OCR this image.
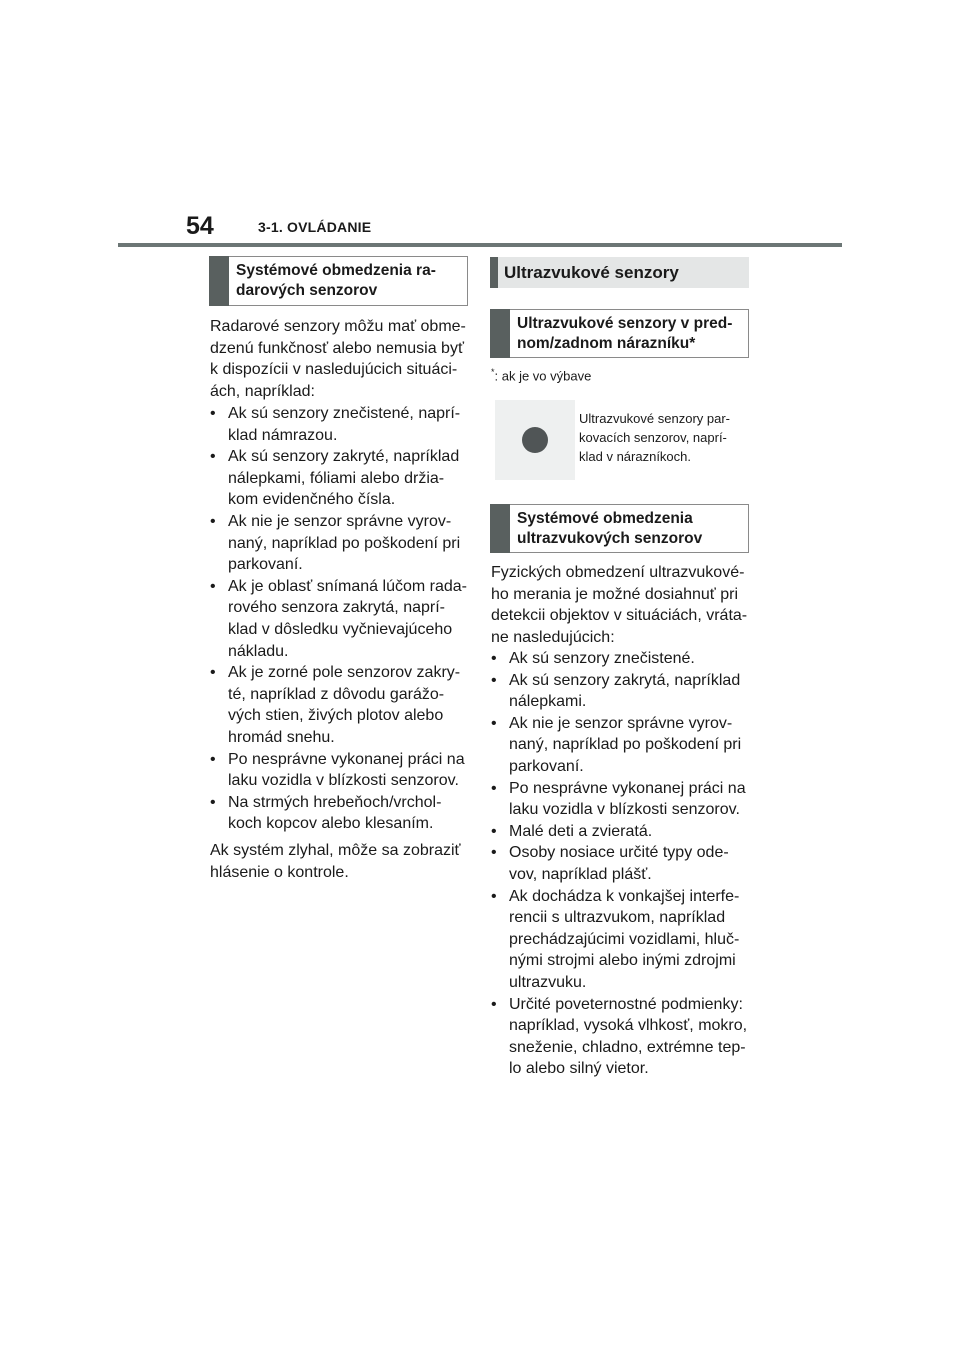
54	3-1. OVLÁDANIE
Systémové obmedzenia ra-
darových senzorov

Radarové senzory môžu mať obme-
dzenú funkčnosť alebo nemusia byť
k dispozícii v nasledujúcich situáci-
ách, napríklad:

• Ak sú senzory znečistené, naprí-
klad námrazou.
• Ak sú senzory zakryté, napríklad
nálepkami, fóliami alebo držia-
kom evidenčného čísla.
• Ak nie je senzor správne vyrov-
naný, napríklad po poškodení pri
parkovaní.
• Ak je oblasť snímaná lúčom rada-
rového senzora zakrytá, naprí-
klad v dôsledku vyčnievajúceho
nákladu.
• Ak je zorné pole senzorov zakry-
té, napríklad z dôvodu garážo-
vých stien, živých plotov alebo
hromád snehu.
• Po nesprávne vykonanej práci na
laku vozidla v blízkosti senzorov.
• Na strmých hrebeňoch/vrchol-
koch kopcov alebo klesaním.

Ak systém zlyhal, môže sa zobraziť
hlásenie o kontrole.

Ultrazvukové senzory
Ultrazvukové senzory v pred-
nom/zadnom nárazníku*
*: ak je vo výbave
Ultrazvukové senzory par-
kovacích senzorov, naprí-
klad v nárazníkoch.
Systémové obmedzenia
ultrazvukových senzorov

Fyzických obmedzení ultrazvukové-
ho merania je možné dosiahnuť pri
detekcii objektov v situáciách, vráta-
ne nasledujúcich:

• Ak sú senzory znečistené.
• Ak sú senzory zakrytá, napríklad
nálepkami.
• Ak nie je senzor správne vyrov-
naný, napríklad po poškodení pri
parkovaní.
• Po nesprávne vykonanej práci na
laku vozidla v blízkosti senzorov.
• Malé deti a zvieratá.
• Osoby nosiace určité typy ode-
vov, napríklad plášť.
• Ak dochádza k vonkajšej interfe-
rencii s ultrazvukom, napríklad
prechádzajúcimi vozidlami, hluč-
nými strojmi alebo inými zdrojmi
ultrazvuku.
• Určité poveternostné podmienky:
napríklad, vysoká vlhkosť, mokro,
sneženie, chladno, extrémne tep-
lo alebo silný vietor.
